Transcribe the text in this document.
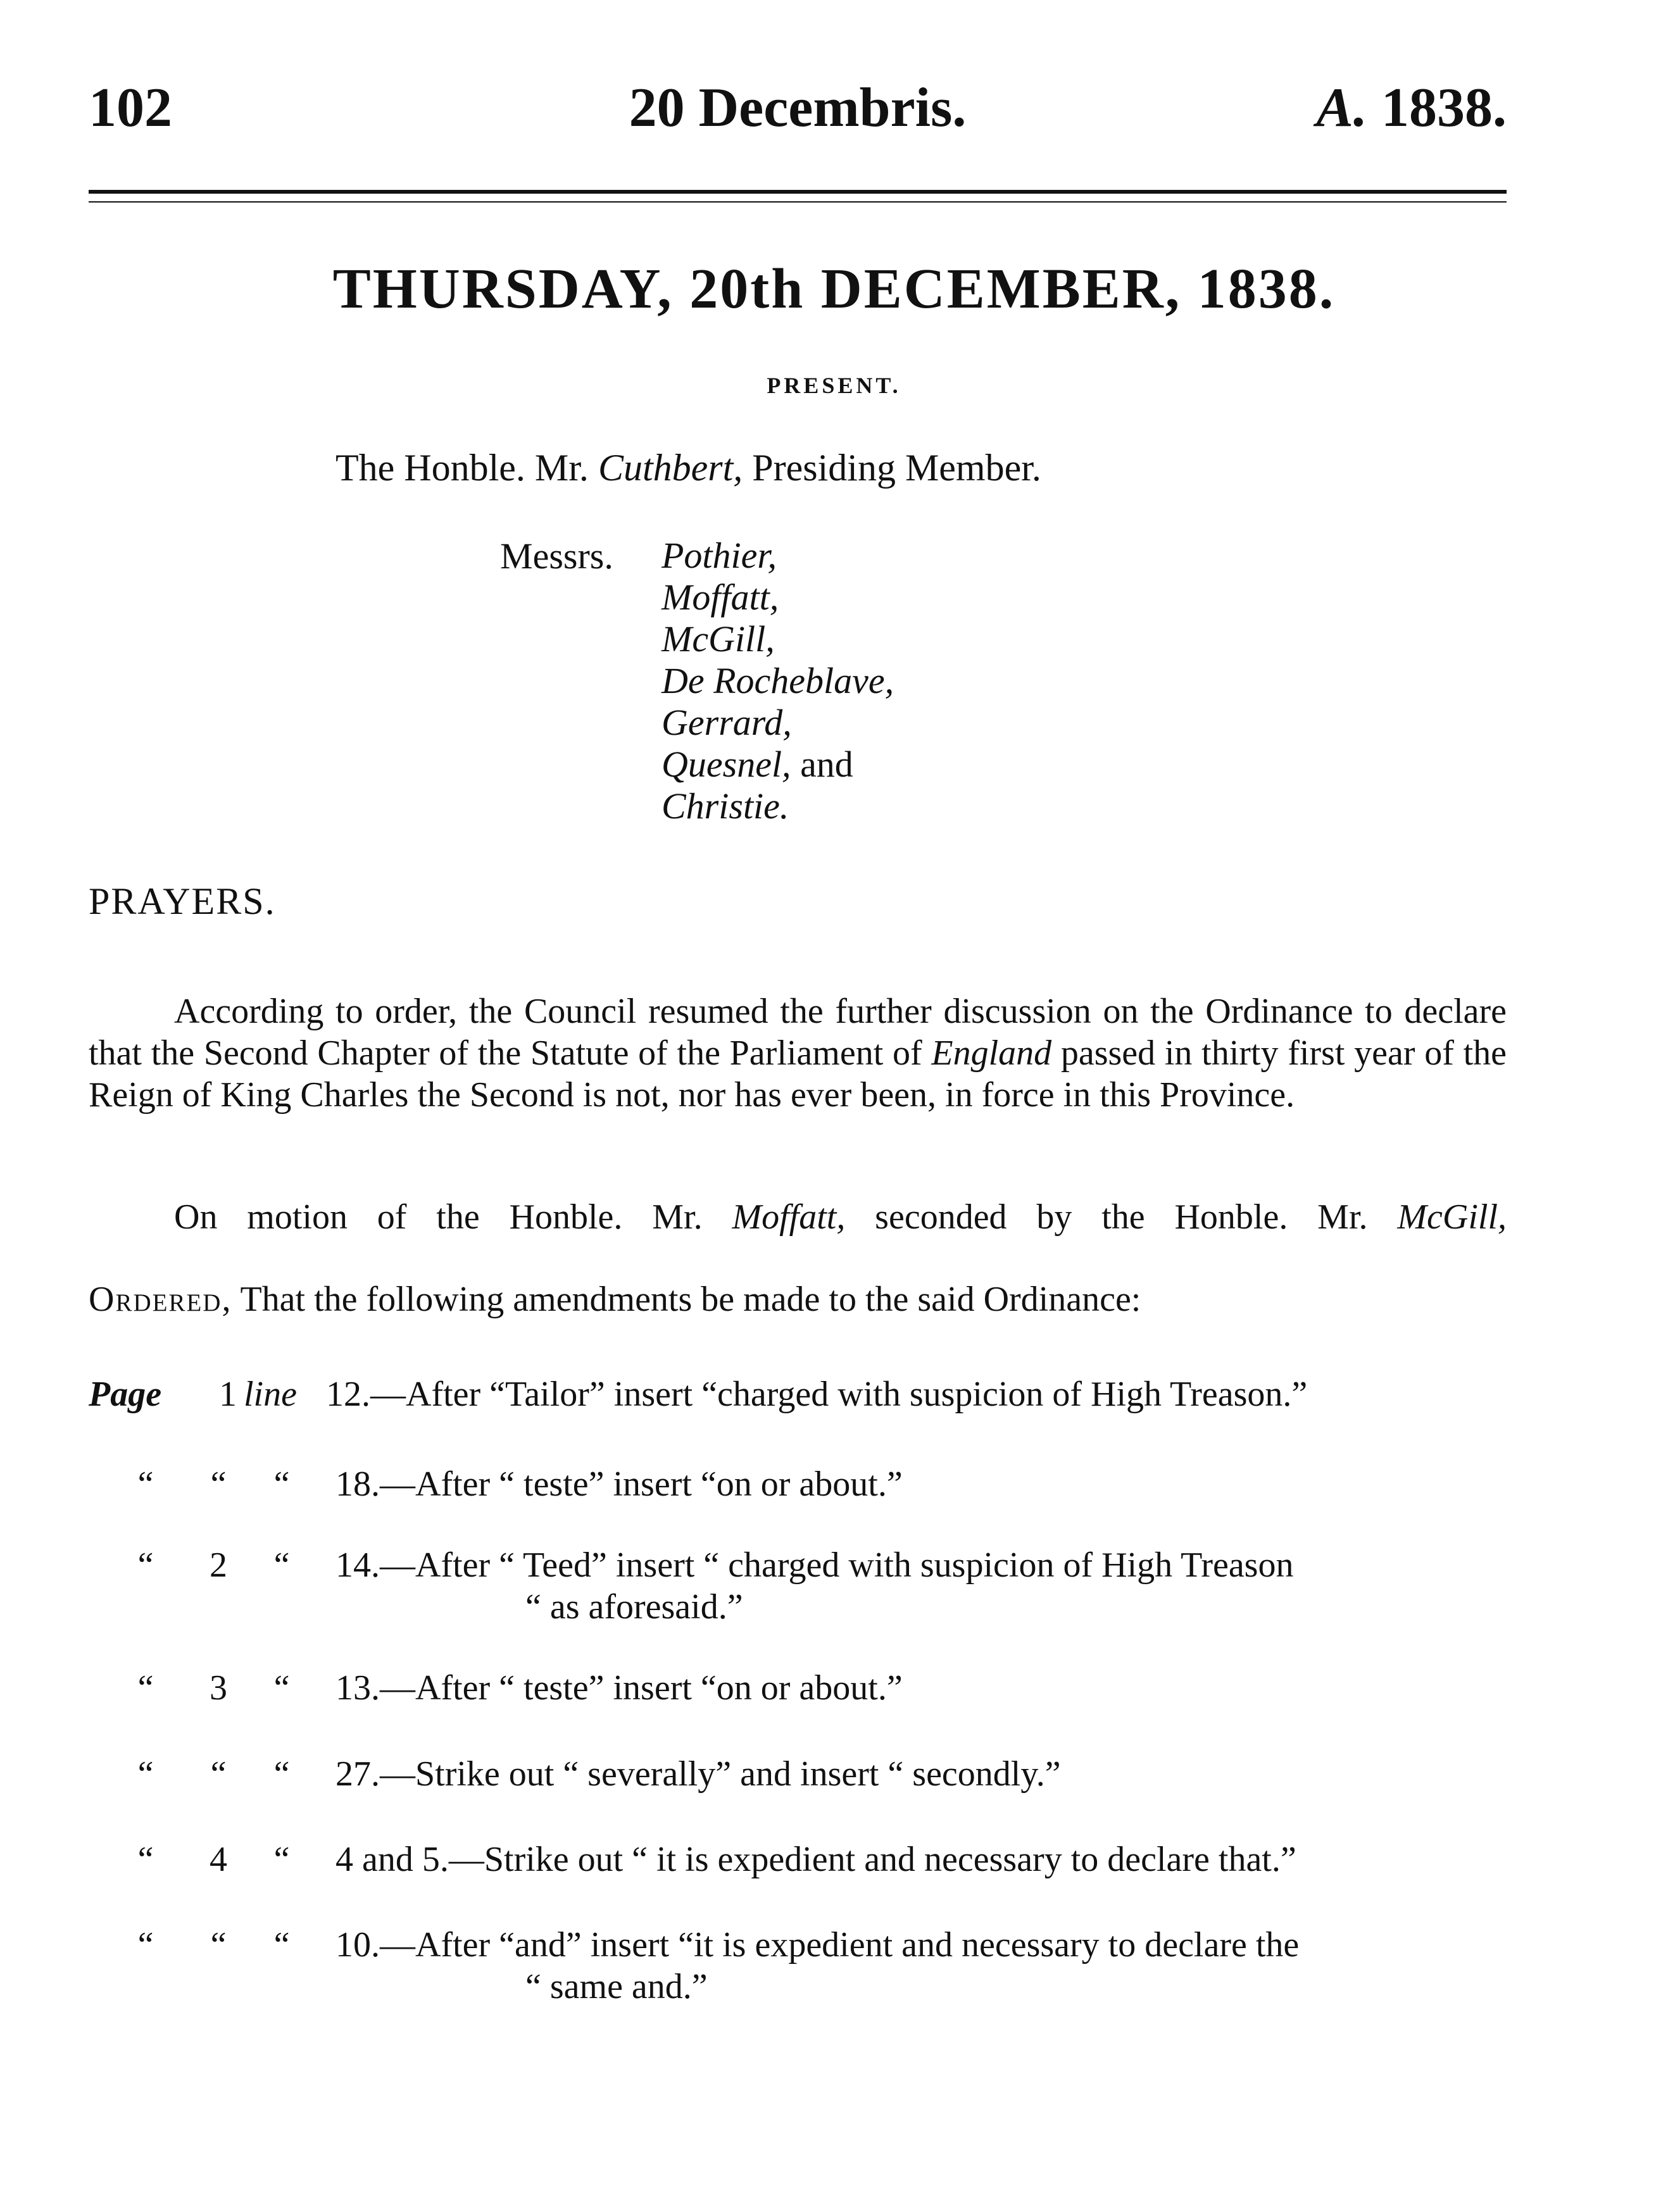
102	20 Decembris.	A. 1838.
THURSDAY, 20th DECEMBER, 1838.
PRESENT.
The Honble. Mr. Cuthbert, Presiding Member.
Messrs. Pothier,
Moffatt,
McGill,
De Rocheblave,
Gerrard,
Quesnel, and
Christie.
PRAYERS.

According to order, the Council resumed the further discussion on the Ordinance to declare that the Second Chapter of the Statute of the Parliament of England passed in thirty first year of the Reign of King Charles the Second is not, nor has ever been, in force in this Province.

On motion of the Honble. Mr. Moffatt, seconded by the Honble. Mr. McGill,

Ordered, That the following amendments be made to the said Ordinance:
Page 1 line 12.—After “Tailor” insert “charged with suspicion of High Treason.”
“	“	“	18.—After “ teste” insert “on or about.”
“	2	“	14.—After “ Teed” insert “ charged with suspicion of High Treason
“ as aforesaid.”
“	3	“	13.—After “ teste” insert “on or about.”
“	“	“	27.—Strike out “ severally” and insert “ secondly.”
“	4	“	4 and 5.—Strike out “ it is expedient and necessary to declare that.”
“	“	“	10.—After “and” insert “it is expedient and necessary to declare the
“ same and.”
